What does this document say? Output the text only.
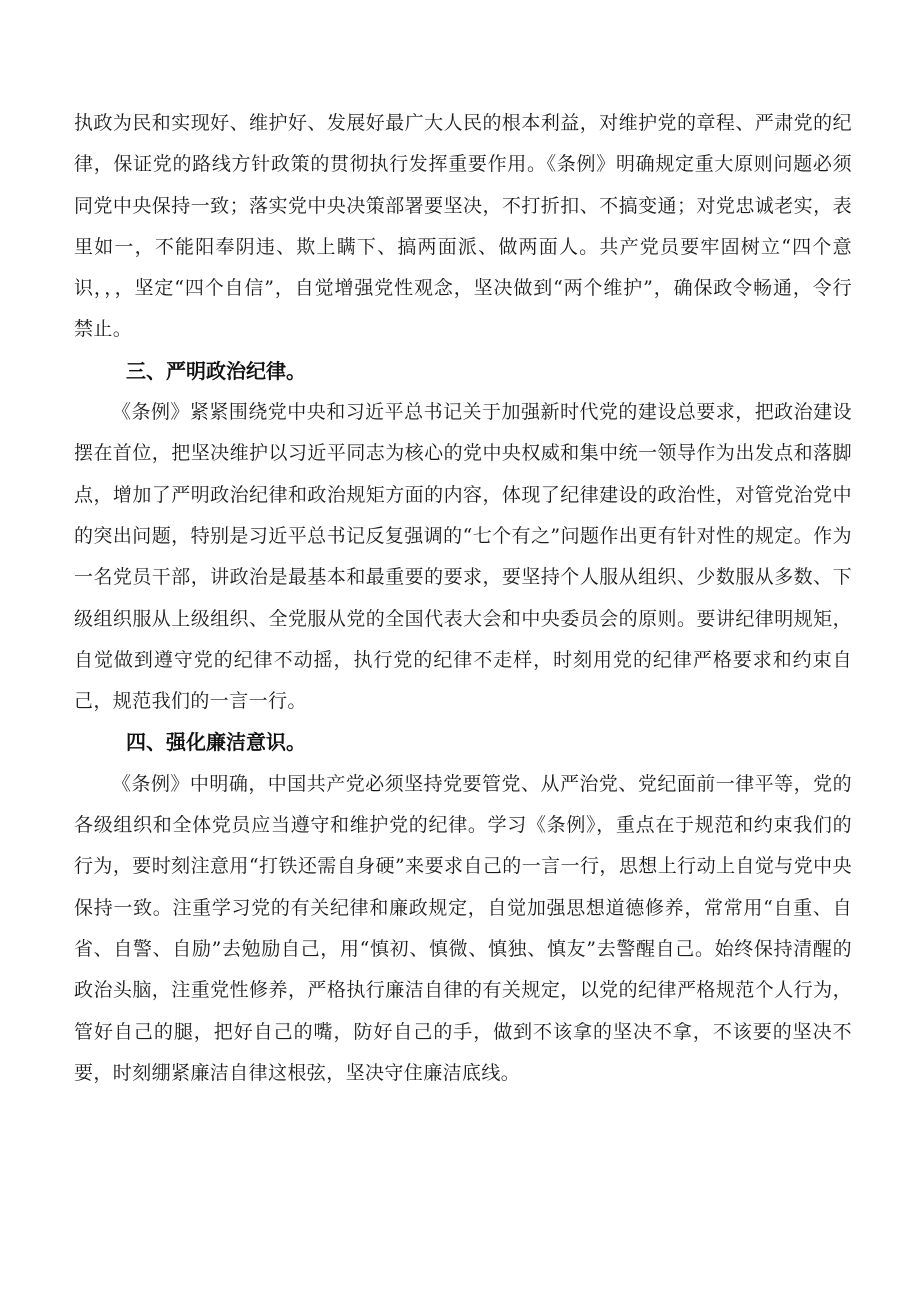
执政为民和实现好、维护好、发展好最广大人民的根本利益，对维护党的章程、严肃党的纪律，保证党的路线方针政策的贯彻执行发挥重要作用。《条例》明确规定重大原则问题必须同党中央保持一致；落实党中央决策部署要坚决，不打折扣、不搞变通；对党忠诚老实，表里如一，不能阳奉阴违、欺上瞒下、搞两面派、做两面人。共产党员要牢固树立“四个意识，，，坚定“四个自信”，自觉增强党性观念，坚决做到“两个维护”，确保政令畅通，令行禁止。

三、严明政治纪律。

《条例》紧紧围绕党中央和习近平总书记关于加强新时代党的建设总要求，把政治建设摆在首位，把坚决维护以习近平同志为核心的党中央权威和集中统一领导作为出发点和落脚点，增加了严明政治纪律和政治规矩方面的内容，体现了纪律建设的政治性，对管党治党中的突出问题，特别是习近平总书记反复强调的“七个有之”问题作出更有针对性的规定。作为一名党员干部，讲政治是最基本和最重要的要求，要坚持个人服从组织、少数服从多数、下级组织服从上级组织、全党服从党的全国代表大会和中央委员会的原则。要讲纪律明规矩，自觉做到遵守党的纪律不动摇，执行党的纪律不走样，时刻用党的纪律严格要求和约束自己，规范我们的一言一行。

四、强化廉洁意识。

《条例》中明确，中国共产党必须坚持党要管党、从严治党、党纪面前一律平等，党的各级组织和全体党员应当遵守和维护党的纪律。学习《条例》，重点在于规范和约束我们的行为，要时刻注意用“打铁还需自身硬”来要求自己的一言一行，思想上行动上自觉与党中央保持一致。注重学习党的有关纪律和廉政规定，自觉加强思想道德修养，常常用“自重、自省、自警、自励”去勉励自己，用“慎初、慎微、慎独、慎友”去警醒自己。始终保持清醒的政治头脑，注重党性修养，严格执行廉洁自律的有关规定，以党的纪律严格规范个人行为，管好自己的腿，把好自己的嘴，防好自己的手，做到不该拿的坚决不拿，不该要的坚决不要，时刻绷紧廉洁自律这根弦，坚决守住廉洁底线。
